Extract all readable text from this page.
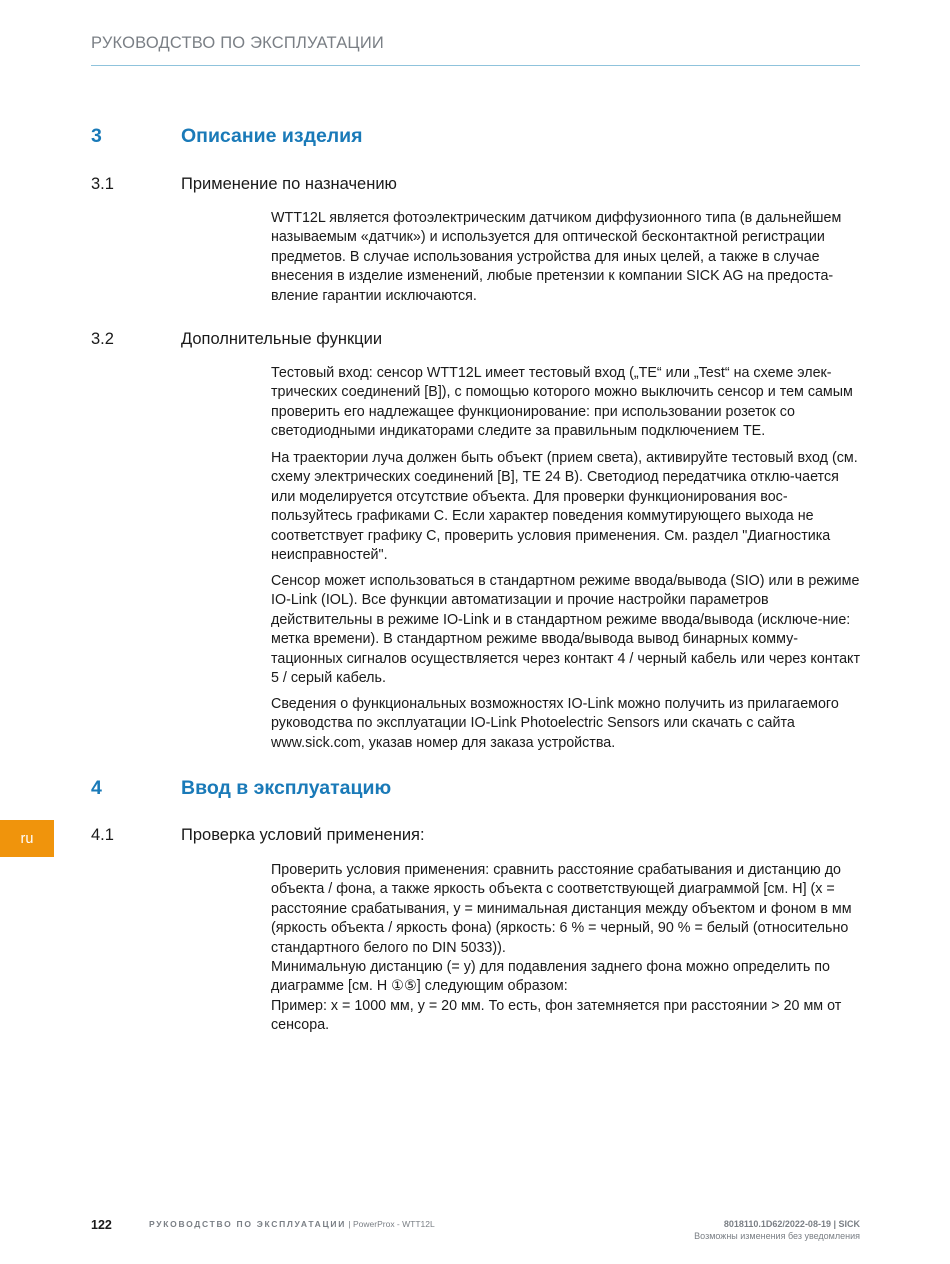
РУКОВОДСТВО ПО ЭКСПЛУАТАЦИИ
3	Описание изделия
3.1	Применение по назначению

WTT12L является фотоэлектрическим датчиком диффузионного типа (в дальнейшем называемым «датчик») и используется для оптической бесконтактной регистрации предметов. В случае использования устройства для иных целей, а также в случае внесения в изделие изменений, любые претензии к компании SICK AG на предоста-вление гарантии исключаются.

3.2	Дополнительные функции

Тестовый вход: сенсор WTT12L имеет тестовый вход („TE“ или „Test“ на схеме элек-трических соединений [B]), с помощью которого можно выключить сенсор и тем самым проверить его надлежащее функционирование: при использовании розеток со светодиодными индикаторами следите за правильным подключением TE.

На траектории луча должен быть объект (прием света), активируйте тестовый вход (см. схему электрических соединений [B], TE 24 B). Светодиод передатчика отклю-чается или моделируется отсутствие объекта. Для проверки функционирования вос-пользуйтесь графиками C. Если характер поведения коммутирующего выхода не соответствует графику C, проверить условия применения. См. раздел "Диагностика неисправностей".

Сенсор может использоваться в стандартном режиме ввода/вывода (SIO) или в режиме IO-Link (IOL). Все функции автоматизации и прочие настройки параметров действительны в режиме IO-Link и в стандартном режиме ввода/вывода (исключе-ние: метка времени). В стандартном режиме ввода/вывода вывод бинарных комму-тационных сигналов осуществляется через контакт 4 / черный кабель или через контакт 5 / серый кабель.

Сведения о функциональных возможностях IO-Link можно получить из прилагаемого руководства по эксплуатации IO-Link Photoelectric Sensors или скачать с сайта www.sick.com, указав номер для заказа устройства.

4	Ввод в эксплуатацию
4.1	Проверка условий применения:

Проверить условия применения: сравнить расстояние срабатывания и дистанцию до объекта / фона, а также яркость объекта с соответствующей диаграммой [см. H] (x = расстояние срабатывания, y = минимальная дистанция между объектом и фоном в мм (яркость объекта / яркость фона) (яркость: 6 % = черный, 90 % = белый (относительно стандартного белого по DIN 5033)).

Минимальную дистанцию (= y) для подавления заднего фона можно определить по диаграмме [см. H ①⑤] следующим образом:

Пример: x = 1000 мм, y = 20 мм. То есть, фон затемняется при расстоянии > 20 мм от сенсора.

ru
122	РУКОВОДСТВО ПО ЭКСПЛУАТАЦИИ | PowerProx - WTT12L	8018110.1D62/2022-08-19 | SICK
Возможны изменения без уведомления
